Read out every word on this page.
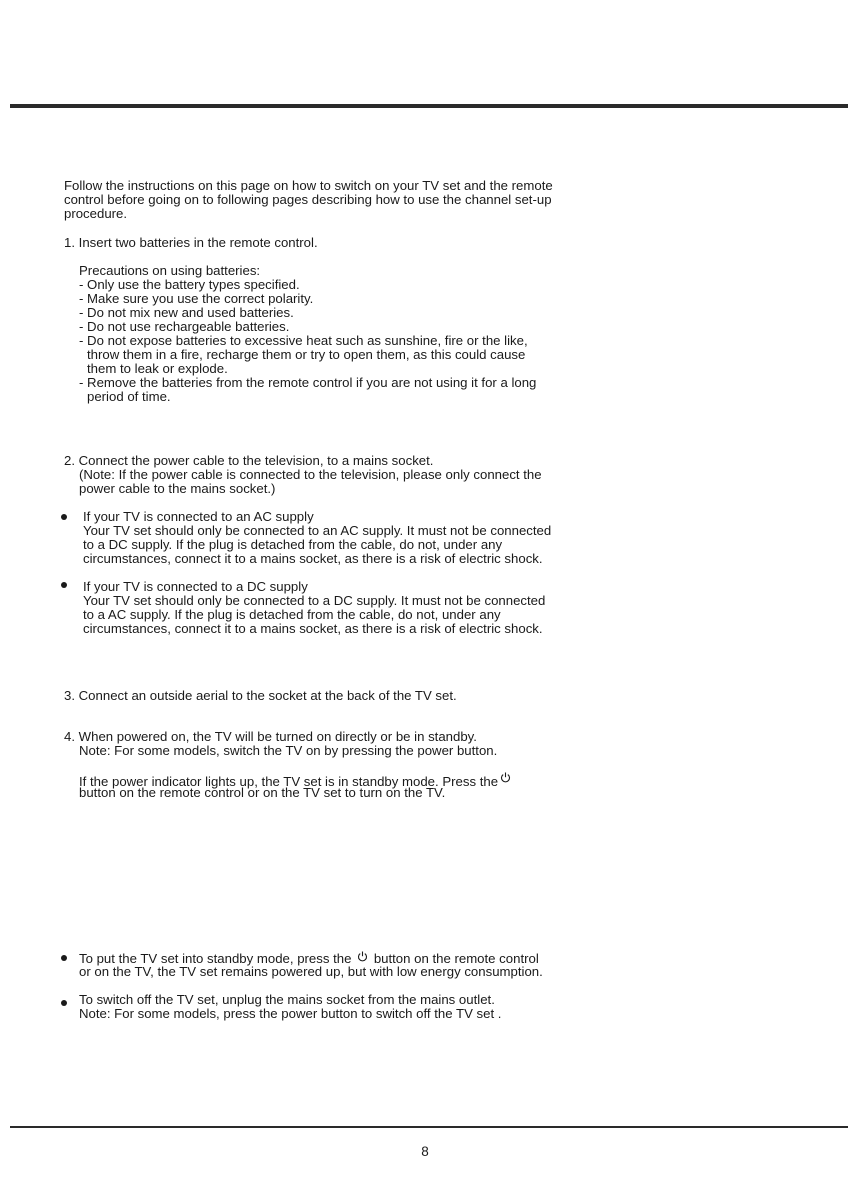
Follow the instructions on this page on how to switch on your TV set and the remote
control before going on to following pages describing how to use the channel set-up
procedure.
1. Insert two batteries in the remote control.
Precautions on using batteries:
- Only use the battery types specified.
- Make sure you use the correct polarity.
- Do not mix new and used batteries.
- Do not use rechargeable batteries.
- Do not expose batteries to excessive heat such as sunshine, fire or the like,
throw them in a fire, recharge them or try to open them, as this could cause
them to leak or explode.
- Remove the batteries from the remote control if you are not using it for a long
period of time.
2. Connect the power cable to the television, to a mains socket.
(Note: If the power cable is connected to the television, please only connect the
power cable to the mains socket.)
If your TV is connected to an AC supply
Your TV set should only be connected to an AC supply. It must not be connected
to a DC supply. If the plug is detached from the cable, do not, under any
circumstances, connect it to a mains socket, as there is a risk of electric shock.
If your TV is connected to a DC supply
Your TV set should only be connected to a DC supply. It must not be connected
to a AC supply. If the plug is detached from the cable, do not, under any
circumstances, connect it to a mains socket, as there is a risk of electric shock.
3. Connect an outside aerial to the socket at the back of the TV set.
4. When powered on, the TV will be turned on directly or be in standby.
Note: For some models, switch the TV on by pressing the power button.
If the power indicator lights up, the TV set is in standby mode. Press the
button on the remote control or on the TV set to turn on the TV.
To put the TV set into standby mode, press the button on the remote control
or on the TV, the TV set remains powered up, but with low energy consumption.
To switch off the TV set, unplug the mains socket from the mains outlet.
Note: For some models, press the power button to switch off the TV set .
8
